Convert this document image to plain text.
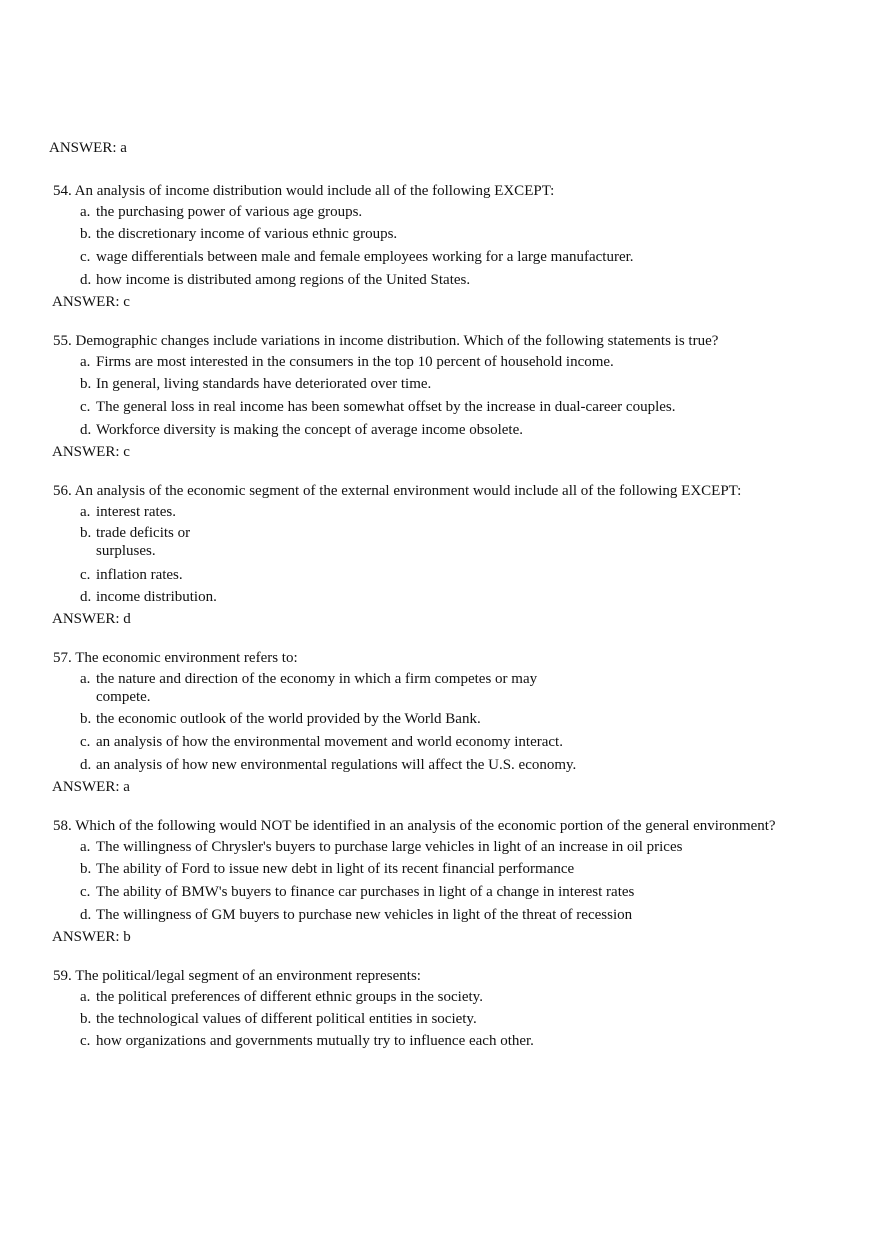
ANSWER: a
54. An analysis of income distribution would include all of the following EXCEPT:
a. the purchasing power of various age groups.
b. the discretionary income of various ethnic groups.
c. wage differentials between male and female employees working for a large manufacturer.
d. how income is distributed among regions of the United States.
ANSWER: c
55. Demographic changes include variations in income distribution. Which of the following statements is true?
a. Firms are most interested in the consumers in the top 10 percent of household income.
b. In general, living standards have deteriorated over time.
c. The general loss in real income has been somewhat offset by the increase in dual-career couples.
d. Workforce diversity is making the concept of average income obsolete.
ANSWER: c
56. An analysis of the economic segment of the external environment would include all of the following EXCEPT:
a. interest rates.
b. trade deficits or surpluses.
c. inflation rates.
d. income distribution.
ANSWER: d
57. The economic environment refers to:
a. the nature and direction of the economy in which a firm competes or may compete.
b. the economic outlook of the world provided by the World Bank.
c. an analysis of how the environmental movement and world economy interact.
d. an analysis of how new environmental regulations will affect the U.S. economy.
ANSWER: a
58. Which of the following would NOT be identified in an analysis of the economic portion of the general environment?
a. The willingness of Chrysler's buyers to purchase large vehicles in light of an increase in oil prices
b. The ability of Ford to issue new debt in light of its recent financial performance
c. The ability of BMW's buyers to finance car purchases in light of a change in interest rates
d. The willingness of GM buyers to purchase new vehicles in light of the threat of recession
ANSWER: b
59. The political/legal segment of an environment represents:
a. the political preferences of different ethnic groups in the society.
b. the technological values of different political entities in society.
c. how organizations and governments mutually try to influence each other.
